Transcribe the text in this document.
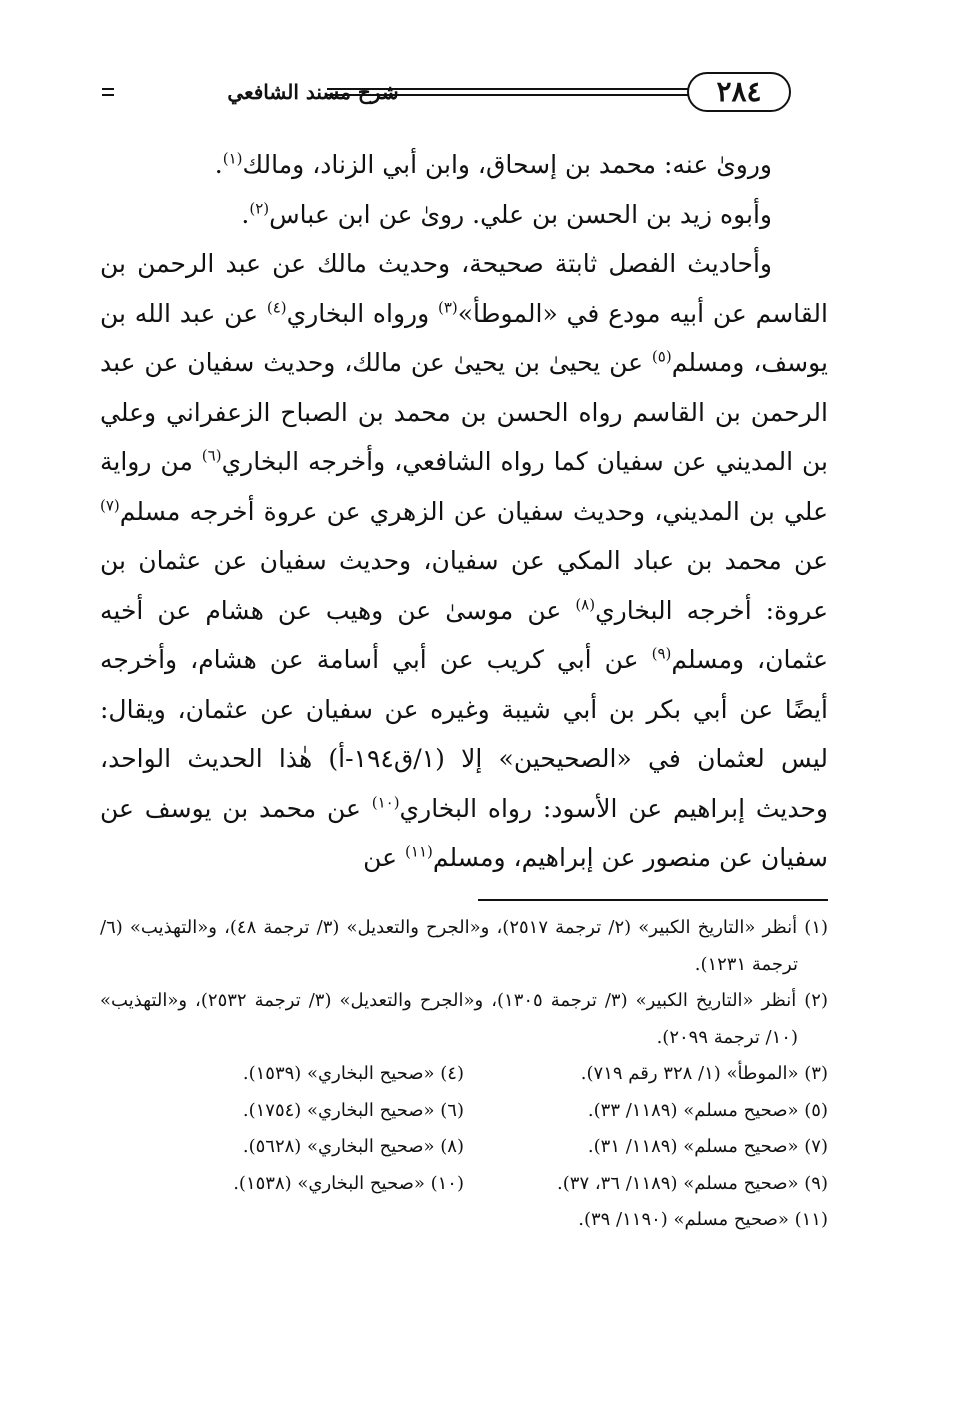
شرح مسند الشافعي	٢٨٤

ورویٰ عنه: محمد بن إسحاق، وابن أبي الزناد، ومالك$^{(١)}$.

وأبوه زيد بن الحسن بن علي. رویٰ عن ابن عباس$^{(٢)}$.

وأحاديث الفصل ثابتة صحيحة، وحديث مالك عن عبد الرحمن بن القاسم عن أبيه مودع في «الموطأ»$^{(٣)}$ ورواه البخاري$^{(٤)}$ عن عبد الله بن يوسف، ومسلم$^{(٥)}$ عن يحيىٰ بن يحيىٰ عن مالك، وحديث سفيان عن عبد الرحمن بن القاسم رواه الحسن بن محمد بن الصباح الزعفراني وعلي بن المديني عن سفيان كما رواه الشافعي، وأخرجه البخاري$^{(٦)}$ من رواية علي بن المديني، وحديث سفيان عن الزهري عن عروة أخرجه مسلم$^{(٧)}$ عن محمد بن عباد المكي عن سفيان، وحديث سفيان عن عثمان بن عروة: أخرجه البخاري$^{(٨)}$ عن موسىٰ عن وهيب عن هشام عن أخيه عثمان، ومسلم$^{(٩)}$ عن أبي كريب عن أبي أسامة عن هشام، وأخرجه أيضًا عن أبي بكر بن أبي شيبة وغيره عن سفيان عن عثمان، ويقال: ليس لعثمان في «الصحيحين» إلا (١/ق١٩٤-أ) هٰذا الحديث الواحد، وحديث إبراهيم عن الأسود: رواه البخاري$^{(١٠)}$ عن محمد بن يوسف عن سفيان عن منصور عن إبراهيم، ومسلم$^{(١١)}$ عن

(١) أنظر «التاريخ الكبير» (٢/ ترجمة ٢٥١٧)، و«الجرح والتعديل» (٣/ ترجمة ٤٨)، و«التهذيب» (٦/ ترجمة ١٢٣١).

(٢) أنظر «التاريخ الكبير» (٣/ ترجمة ١٣٠٥)، و«الجرح والتعديل» (٣/ ترجمة ٢٥٣٢)، و«التهذيب» (١٠/ ترجمة ٢٠٩٩).

(٣) «الموطأ» (١/ ٣٢٨ رقم ٧١٩).
(٤) «صحيح البخاري» (١٥٣٩).
(٥) «صحيح مسلم» (١١٨٩/ ٣٣).
(٦) «صحيح البخاري» (١٧٥٤).
(٧) «صحيح مسلم» (١١٨٩/ ٣١).
(٨) «صحيح البخاري» (٥٦٢٨).
(٩) «صحيح مسلم» (١١٨٩/ ٣٦، ٣٧).
(١٠) «صحيح البخاري» (١٥٣٨).

(١١) «صحيح مسلم» (١١٩٠/ ٣٩).
